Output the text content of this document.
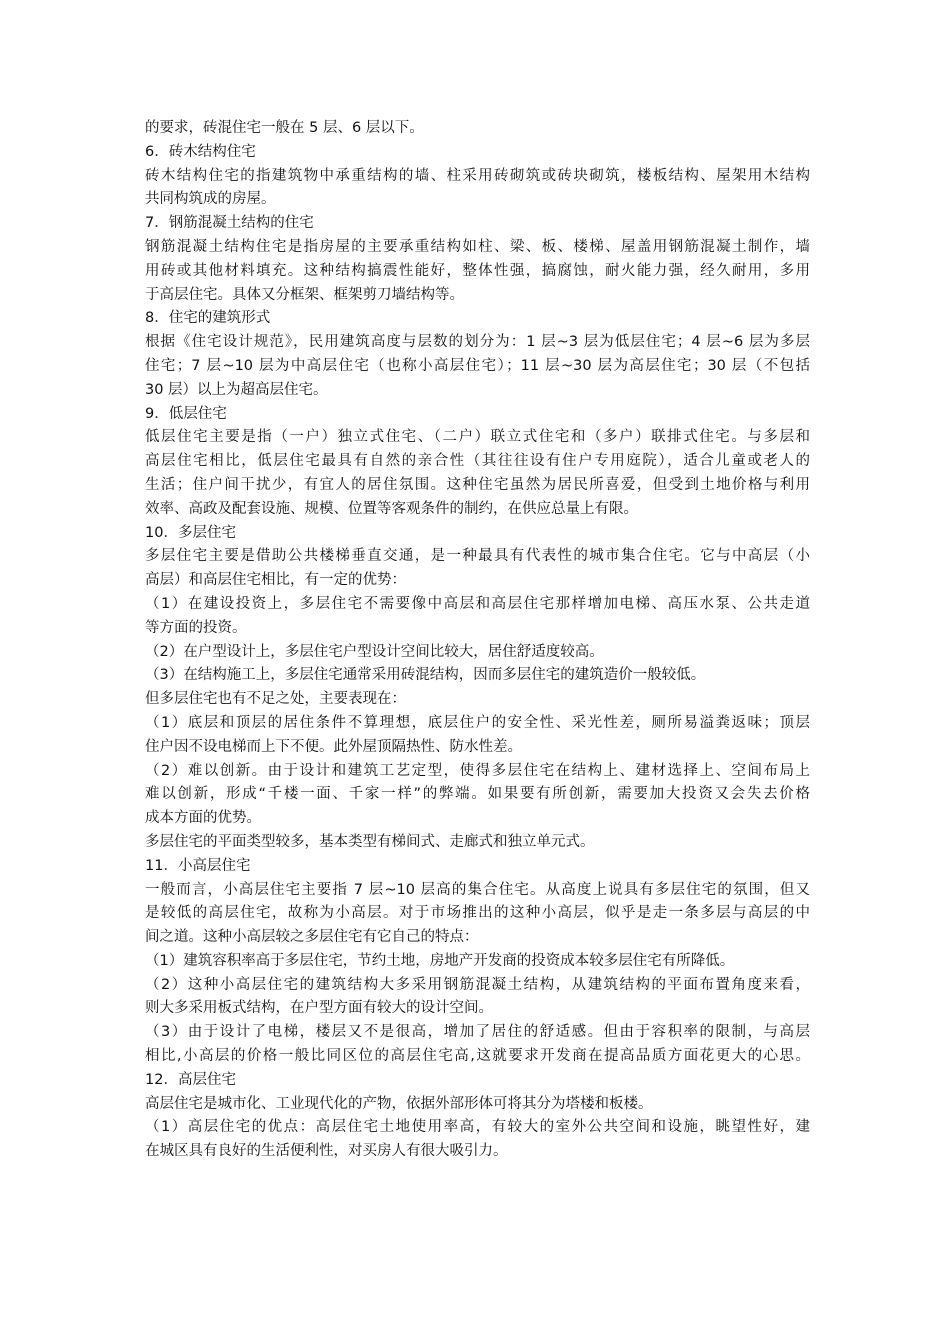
的要求，砖混住宅一般在 5 层、6 层以下。
6．砖木结构住宅
砖木结构住宅的指建筑物中承重结构的墙、柱采用砖砌筑或砖块砌筑，楼板结构、屋架用木结构
共同构筑成的房屋。
7．钢筋混凝土结构的住宅
钢筋混凝土结构住宅是指房屋的主要承重结构如柱、梁、板、楼梯、屋盖用钢筋混凝土制作，墙
用砖或其他材料填充。这种结构搞震性能好，整体性强，搞腐蚀，耐火能力强，经久耐用，多用
于高层住宅。具体又分框架、框架剪刀墙结构等。
8．住宅的建筑形式
根据《住宅设计规范》，民用建筑高度与层数的划分为：1 层~3 层为低层住宅；4 层~6 层为多层
住宅；7 层~10 层为中高层住宅（也称小高层住宅）；11 层~30 层为高层住宅；30 层（不包括
30 层）以上为超高层住宅。
9．低层住宅
低层住宅主要是指（一户）独立式住宅、（二户）联立式住宅和（多户）联排式住宅。与多层和
高层住宅相比，低层住宅最具有自然的亲合性（其往往设有住户专用庭院），适合儿童或老人的
生活；住户间干扰少，有宜人的居住氛围。这种住宅虽然为居民所喜爱，但受到土地价格与利用
效率、高政及配套设施、规模、位置等客观条件的制约，在供应总量上有限。
10．多层住宅
多层住宅主要是借助公共楼梯垂直交通，是一种最具有代表性的城市集合住宅。它与中高层（小
高层）和高层住宅相比，有一定的优势：
（1）在建设投资上，多层住宅不需要像中高层和高层住宅那样增加电梯、高压水泵、公共走道
等方面的投资。
（2）在户型设计上，多层住宅户型设计空间比较大，居住舒适度较高。
（3）在结构施工上，多层住宅通常采用砖混结构，因而多层住宅的建筑造价一般较低。
但多层住宅也有不足之处，主要表现在：
（1）底层和顶层的居住条件不算理想，底层住户的安全性、采光性差，厕所易溢粪返味；顶层
住户因不设电梯而上下不便。此外屋顶隔热性、防水性差。
（2）难以创新。由于设计和建筑工艺定型，使得多层住宅在结构上、建材选择上、空间布局上
难以创新，形成“千楼一面、千家一样”的弊端。如果要有所创新，需要加大投资又会失去价格
成本方面的优势。
多层住宅的平面类型较多，基本类型有梯间式、走廊式和独立单元式。
11．小高层住宅
一般而言，小高层住宅主要指 7 层~10 层高的集合住宅。从高度上说具有多层住宅的氛围，但又
是较低的高层住宅，故称为小高层。对于市场推出的这种小高层，似乎是走一条多层与高层的中
间之道。这种小高层较之多层住宅有它自己的特点：
（1）建筑容积率高于多层住宅，节约土地，房地产开发商的投资成本较多层住宅有所降低。
（2）这种小高层住宅的建筑结构大多采用钢筋混凝土结构，从建筑结构的平面布置角度来看，
则大多采用板式结构，在户型方面有较大的设计空间。
（3）由于设计了电梯，楼层又不是很高，增加了居住的舒适感。但由于容积率的限制，与高层
相比,小高层的价格一般比同区位的高层住宅高,这就要求开发商在提高品质方面花更大的心思。
12．高层住宅
高层住宅是城市化、工业现代化的产物，依据外部形体可将其分为塔楼和板楼。
（1）高层住宅的优点：高层住宅土地使用率高，有较大的室外公共空间和设施，眺望性好，建
在城区具有良好的生活便利性，对买房人有很大吸引力。
